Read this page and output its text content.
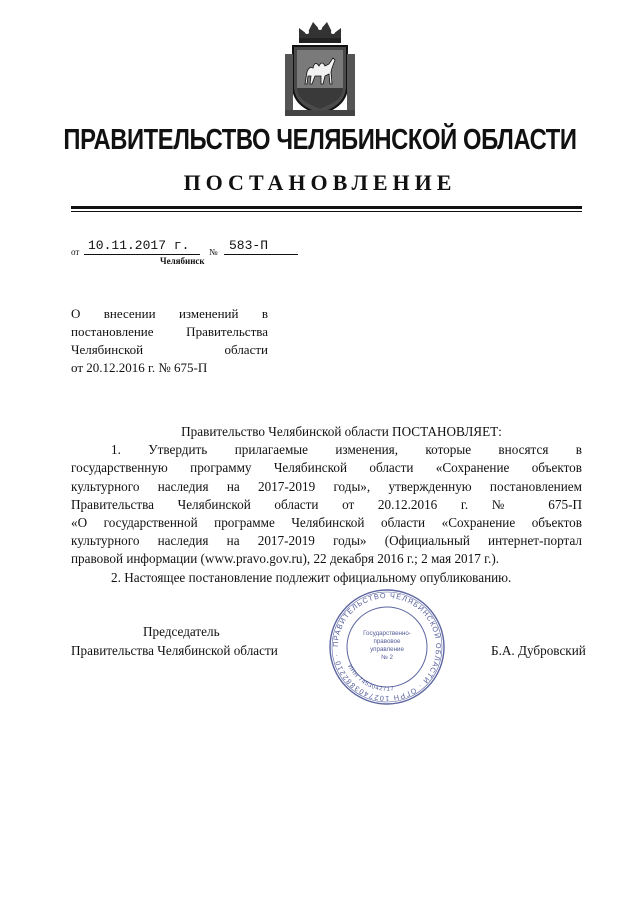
ПРАВИТЕЛЬСТВО ЧЕЛЯБИНСКОЙ ОБЛАСТИ
ПОСТАНОВЛЕНИЕ
от 10.11.2017 г. № 583-П
Челябинск
О внесении изменений в
постановление Правительства
Челябинской области
от 20.12.2016 г. № 675-П
Правительство Челябинской области ПОСТАНОВЛЯЕТ:
1. Утвердить прилагаемые изменения, которые вносятся в
государственную программу Челябинской области «Сохранение объектов
культурного наследия на 2017-2019 годы», утвержденную постановлением
Правительства Челябинской области от 20.12.2016 г. № 675-П
«О государственной программе Челябинской области «Сохранение объектов
культурного наследия на 2017-2019 годы» (Официальный интернет-портал
правовой информации (www.pravo.gov.ru), 22 декабря 2016 г.; 2 мая 2017 г.).
2. Настоящее постановление подлежит официальному опубликованию.
Председатель
Правительства Челябинской области	Б.А. Дубровский
ПРАВИТЕЛЬСТВО ЧЕЛЯБИНСКОЙ ОБЛАСТИ · ОГРН 1027403882210 ·
ИНН 7453042717
Государственно-
правовое
управление
№ 2
